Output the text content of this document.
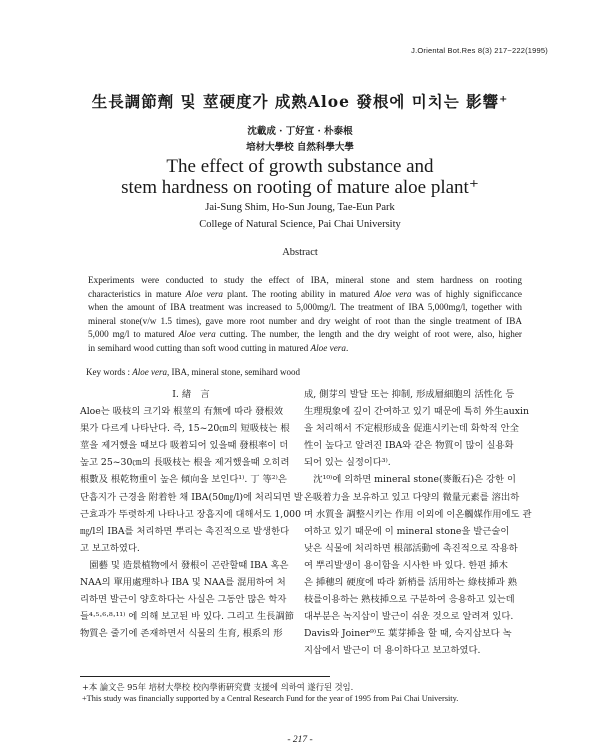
J.Oriental Bot.Res 8(3) 217~222(1995)
生長調節劑 및 莖硬度가 成熟Aloe 發根에 미치는 影響⁺
沈載成 · 丁好宣 · 朴泰根
培材大學校 自然科學大學
The effect of growth substance and
stem hardness on rooting of mature aloe plant⁺
Jai-Sung Shim, Ho-Sun Joung, Tae-Eun Park
College of Natural Science, Pai Chai University
Abstract
Experiments were conducted to study the effect of IBA, mineral stone and stem hardness on rooting
characteristics in mature Aloe vera plant. The rooting ability in matured Aloe vera was of highly significcance
when the amount of IBA treatment was increased to 5,000mg/l. The treatment of IBA 5,000mg/l, together with
mineral stone(v/w 1.5 times), gave more root number and dry weight of root than the single treatment of IBA
5,000 mg/l to matured Aloe vera cutting. The number, the length and the dry weight of root were, also, higher
in semihard wood cutting than soft wood cutting in matured Aloe vera.
Key words : Aloe vera, IBA, mineral stone, semihard wood
Ⅰ. 緖　言
Aloe는 吸枝의 크기와 根莖의 有無에 따라 發根效
果가 다르게 나타난다. 즉, 15~20㎝의 短吸枝는 根
莖을 제거했을 때보다 吸着되어 있을때 發根率이 더
높고 25~30㎝의 長吸枝는 根을 제거했을때 오히려
根數及 根乾物重이 높은 傾向을 보인다¹⁾. 丁 等²⁾은
단흡지가 근경을 附着한 채 IBA(50㎎/l)에 처리되면 발
근효과가 뚜렷하게 나타나고 장흡지에 대해서도 1,000
㎎/l의 IBA를 처리하면 뿌리는 촉진적으로 발생한다
고 보고하였다.
　園藝 및 造景植物에서 發根이 곤란할때 IBA 혹은
NAA의 單用處理하나 IBA 및 NAA를 混用하여 처
리하면 발근이 양호하다는 사실은 그동안 많은 학자
들⁴·⁵·⁶·⁸·¹¹⁾ 에 의해 보고된 바 있다. 그리고 生長調節
物質은 줄기에 존재하면서 식물의 生育, 根系의 形
成, 側芽의 발달 또는 抑制, 形成層細胞의 活性化 등
生理現象에 깊이 간여하고 있기 때문에 특히 外生auxin
을 처리해서 不定根形成을 促進시키는데 화학적 안全
性이 높다고 알려진 IBA와 같은 物質이 많이 실용화
되어 있는 실정이다³⁾.
　沈¹⁰⁾에 의하면 mineral stone(麥飯石)은 강한 이
온吸着力을 보유하고 있고 다양의 微量元素를 溶出하
며 水質을 調整시키는 作用 이외에 이온觸媒作用에도 관
여하고 있기 때문에 이 mineral stone을 발근술이
낮은 식물에 처리하면 根部活動에 촉진적으로 작용하
여 뿌리발생이 용이함을 시사한 바 있다. 한편 揷木
은 揷穗의 硬度에 따라 新梢를 活用하는 綠枝揷과 熟
枝를이용하는 熟枝揷으로 구분하여 응용하고 있는데
대부분은 녹지삽이 발근이 쉬운 것으로 알려져 있다.
Davis와 Joiner⁹⁾도 葉芽揷을 할 때, 숙지삽보다 녹
지삽에서 발근이 더 용이하다고 보고하였다.
+本 論文은 95年 培材大學校 校內學術硏究費 支援에 의하여 遂行된 것임.
+This study was financially supported by a Central Research Fund for the year of 1995 from Pai Chai University.
- 217 -
